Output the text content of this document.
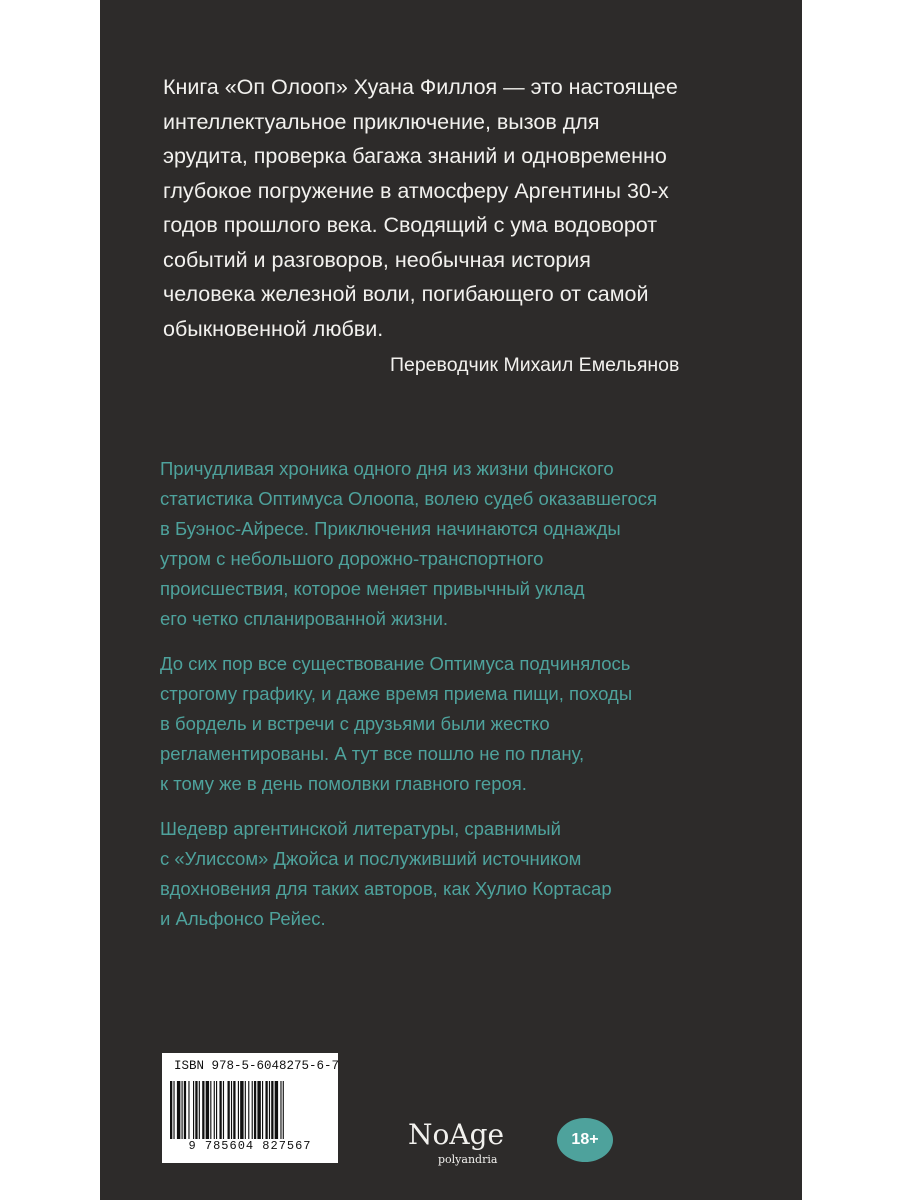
Книга «Оп Олооп» Хуана Филлоя — это настоящее
интеллектуальное приключение, вызов для
эрудита, проверка багажа знаний и одновременно
глубокое погружение в атмосферу Аргентины 30-х
годов прошлого века. Сводящий с ума водоворот
событий и разговоров, необычная история
человека железной воли, погибающего от самой
обыкновенной любви.
Переводчик Михаил Емельянов
Причудливая хроника одного дня из жизни финского
статистика Оптимуса Олоопа, волею судеб оказавшегося
в Буэнос-Айресе. Приключения начинаются однажды
утром с небольшого дорожно-транспортного
происшествия, которое меняет привычный уклад
его четко спланированной жизни.
До сих пор все существование Оптимуса подчинялось
строгому графику, и даже время приема пищи, походы
в бордель и встречи с друзьями были жестко
регламентированы. А тут все пошло не по плану,
к тому же в день помолвки главного героя.
Шедевр аргентинской литературы, сравнимый
с «Улиссом» Джойса и послуживший источником
вдохновения для таких авторов, как Хулио Кортасар
и Альфонсо Рейес.
ISBN 978-5-6048275-6-7
9 785604 827567	NoAge
polyandria
18+
